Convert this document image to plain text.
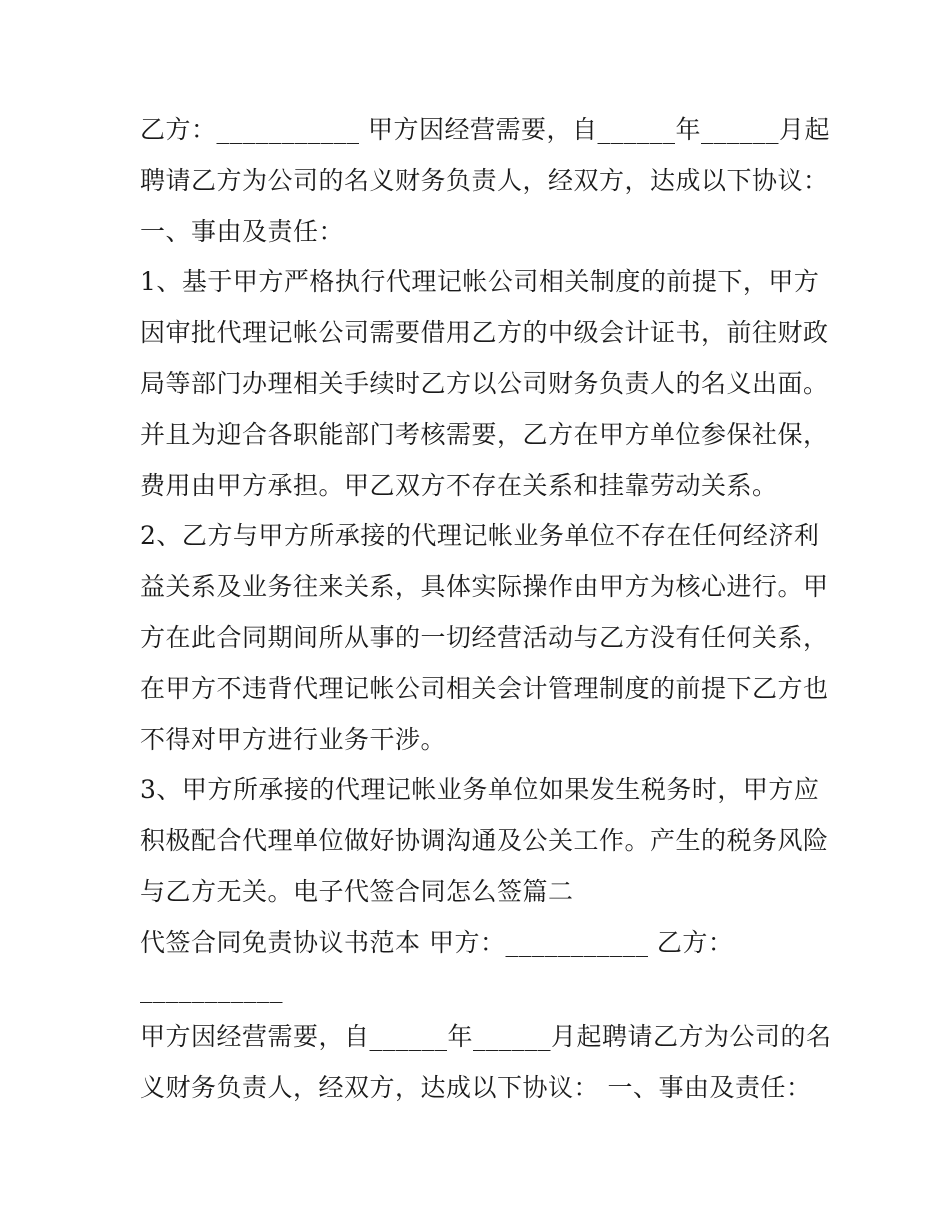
乙方：___________ 甲方因经营需要，自______年______月起
聘请乙方为公司的名义财务负责人，经双方，达成以下协议：
一、事由及责任：
1、基于甲方严格执行代理记帐公司相关制度的前提下，甲方
因审批代理记帐公司需要借用乙方的中级会计证书，前往财政
局等部门办理相关手续时乙方以公司财务负责人的名义出面。
并且为迎合各职能部门考核需要，乙方在甲方单位参保社保，
费用由甲方承担。甲乙双方不存在关系和挂靠劳动关系。
2、乙方与甲方所承接的代理记帐业务单位不存在任何经济利
益关系及业务往来关系，具体实际操作由甲方为核心进行。甲
方在此合同期间所从事的一切经营活动与乙方没有任何关系，
在甲方不违背代理记帐公司相关会计管理制度的前提下乙方也
不得对甲方进行业务干涉。
3、甲方所承接的代理记帐业务单位如果发生税务时，甲方应
积极配合代理单位做好协调沟通及公关工作。产生的税务风险
与乙方无关。电子代签合同怎么签篇二
代签合同免责协议书范本 甲方：___________ 乙方：
___________
甲方因经营需要，自______年______月起聘请乙方为公司的名
义财务负责人，经双方，达成以下协议： 一、事由及责任：
